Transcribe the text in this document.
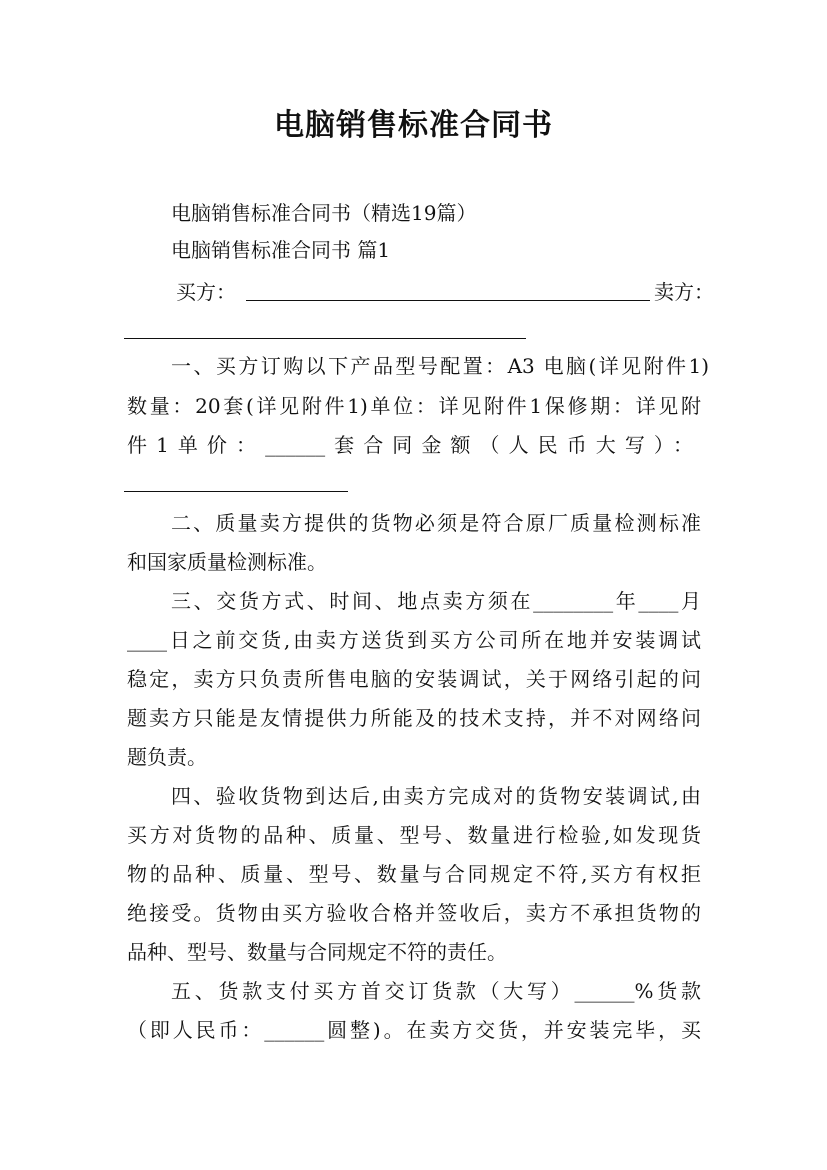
电脑销售标准合同书
电脑销售标准合同书（精选19篇）
电脑销售标准合同书 篇1
买方：	卖方：
一、买方订购以下产品型号配置：A3 电脑(详见附件1)
数量：20套(详见附件1)单位：详见附件1保修期：详见附
件1单价：______套合同金额（人民币大写）：
二、质量卖方提供的货物必须是符合原厂质量检测标准
和国家质量检测标准。
三、交货方式、时间、地点卖方须在________年____月
____日之前交货,由卖方送货到买方公司所在地并安装调试
稳定，卖方只负责所售电脑的安装调试，关于网络引起的问
题卖方只能是友情提供力所能及的技术支持，并不对网络问
题负责。
四、验收货物到达后,由卖方完成对的货物安装调试,由
买方对货物的品种、质量、型号、数量进行检验,如发现货
物的品种、质量、型号、数量与合同规定不符,买方有权拒
绝接受。货物由买方验收合格并签收后，卖方不承担货物的
品种、型号、数量与合同规定不符的责任。
五、货款支付买方首交订货款（大写）______%货款
（即人民币：______圆整)。在卖方交货，并安装完毕，买
